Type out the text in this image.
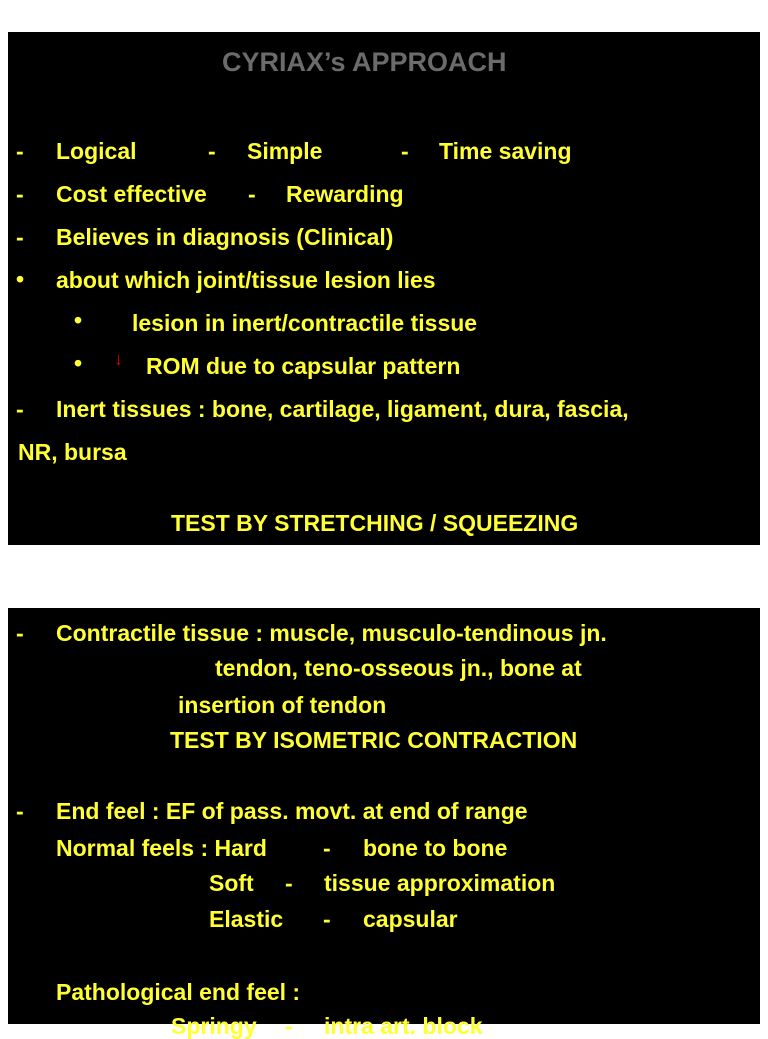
CYRIAX’s APPROACH
- Logical	- Simple	- Time saving
- Cost effective - Rewarding
- Believes in diagnosis (Clinical)
• about which joint/tissue lesion lies
• lesion in inert/contractile tissue
• ↓ ROM due to capsular pattern
- Inert tissues : bone, cartilage, ligament, dura, fascia,
NR, bursa
TEST BY STRETCHING / SQUEEZING
- Contractile tissue : muscle, musculo-tendinous jn.
tendon, teno-osseous jn., bone at
insertion of tendon
TEST BY ISOMETRIC CONTRACTION
- End feel : EF of pass. movt. at end of range
Normal feels : Hard - bone to bone
Soft - tissue approximation
Elastic - capsular
Pathological end feel :
Springy - intra art. block
